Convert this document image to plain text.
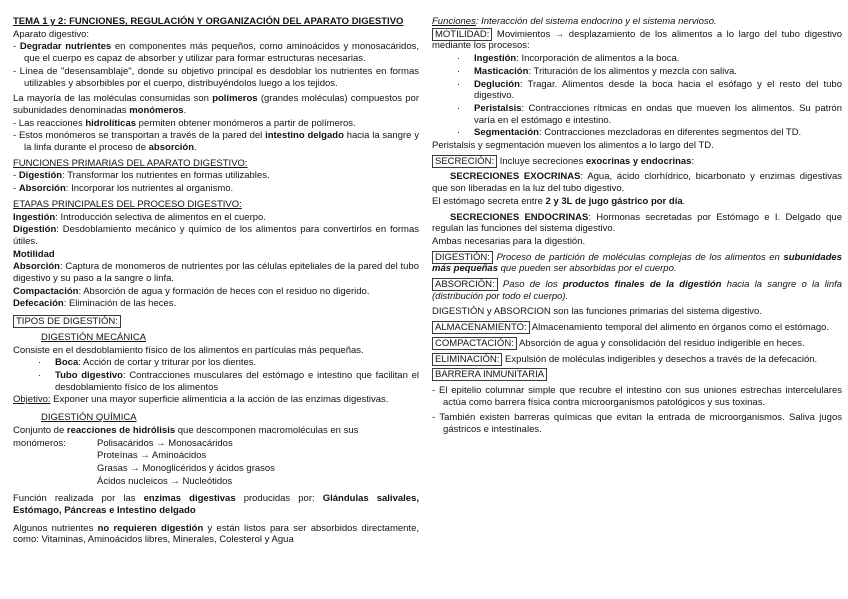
TEMA 1 y 2: FUNCIONES, REGULACIÓN Y ORGANIZACIÓN DEL APARATO DIGESTIVO
Aparato digestivo:
- Degradar nutrientes en componentes más pequeños, como aminoácidos y monosacáridos, que el cuerpo es capaz de absorber y utilizar para formar estructuras necesarias.
- Línea de "desensamblaje", donde su objetivo principal es desdoblar los nutrientes en formas utilizables y absorbibles por el cuerpo, distribuyéndolos luego a los tejidos.
La mayoría de las moléculas consumidas son polímeros (grandes moléculas) compuestos por subunidades denominadas monómeros.
- Las reacciones hidrolíticas permiten obtener monómeros a partir de polímeros.
- Estos monómeros se transportan a través de la pared del intestino delgado hacia la sangre y la linfa durante el proceso de absorción.
FUNCIONES PRIMARIAS DEL APARATO DIGESTIVO:
- Digestión: Transformar los nutrientes en formas utilizables.
- Absorción: Incorporar los nutrientes al organismo.
ETAPAS PRINCIPALES DEL PROCESO DIGESTIVO:
Ingestión: Introducción selectiva de alimentos en el cuerpo.
Digestión: Desdoblamiento mecánico y químico de los alimentos para convertirlos en formas útiles.
Motilidad
Absorción: Captura de monomeros de nutrientes por las células epiteliales de la pared del tubo digestivo y su paso a la sangre o linfa.
Compactación: Absorción de agua y formación de heces con el residuo no digerido.
Defecación: Eliminación de las heces.
TIPOS DE DIGESTIÓN:
DIGESTIÓN MECÁNICA
Consiste en el desdoblamiento físico de los alimentos en partículas más pequeñas.
· Boca: Acción de cortar y triturar por los dientes.
· Tubo digestivo: Contracciones musculares del estómago e intestino que facilitan el desdoblamiento físico de los alimentos
Objetivo: Exponer una mayor superficie alimenticia a la acción de las enzimas digestivas.
DIGESTIÓN QUÍMICA
Conjunto de reacciones de hidrólisis que descomponen macromoléculas en sus
monómeros:	Polisacáridos → Monosacáridos
Proteínas → Aminoácidos
Grasas → Monoglicéridos y ácidos grasos
Ácidos nucleicos → Nucleótidos
Función realizada por las enzimas digestivas producidas por: Glándulas salivales, Estómago, Páncreas e Intestino delgado
Algunos nutrientes no requieren digestión y están listos para ser absorbidos directamente, como: Vitaminas, Aminoácidos libres, Minerales, Colesterol y Agua
Funciones: Interacción del sistema endocrino y el sistema nervioso.
MOTILIDAD: Movimientos → desplazamiento de los alimentos a lo largo del tubo digestivo mediante los procesos:
· Ingestión: Incorporación de alimentos a la boca.
· Masticación: Trituración de los alimentos y mezcla con saliva.
· Deglución: Tragar. Alimentos desde la boca hacia el esófago y el resto del tubo digestivo.
· Peristalsis: Contracciones rítmicas en ondas que mueven los alimentos. Su patrón varía en el estómago e intestino.
· Segmentación: Contracciones mezcladoras en diferentes segmentos del TD.
Peristalsis y segmentación mueven los alimentos a lo largo del TD.
SECRECIÓN: Incluye secreciones exocrinas y endocrinas:
SECRECIONES EXOCRINAS: Agua, ácido clorhídrico, bicarbonato y enzimas digestivas que son liberadas en la luz del tubo digestivo.
El estómago secreta entre 2 y 3L de jugo gástrico por día.
SECRECIONES ENDOCRINAS: Hormonas secretadas por Estómago e I. Delgado que regulan las funciones del sistema digestivo.
Ambas necesarias para la digestión.
DIGESTIÓN: Proceso de partición de moléculas complejas de los alimentos en subunidades más pequeñas que pueden ser absorbidas por el cuerpo.
ABSORCIÓN: Paso de los productos finales de la digestión hacia la sangre o la linfa (distribución por todo el cuerpo).
DIGESTIÓN y ABSORCION son las funciones primarias del sistema digestivo.
ALMACENAMIENTO: Almacenamiento temporal del alimento en órganos como el estómago.
COMPACTACIÓN: Absorción de agua y consolidación del residuo indigerible en heces.
ELIMINACIÓN: Expulsión de moléculas indigeribles y desechos a través de la defecación.
BARRERA INMUNITARIA
- El epitelio columnar simple que recubre el intestino con sus uniones estrechas intercelulares actúa como barrera física contra microorganismos patológicos y sus toxinas.
- También existen barreras químicas que evitan la entrada de microorganismos. Saliva jugos gástricos e intestinales.
